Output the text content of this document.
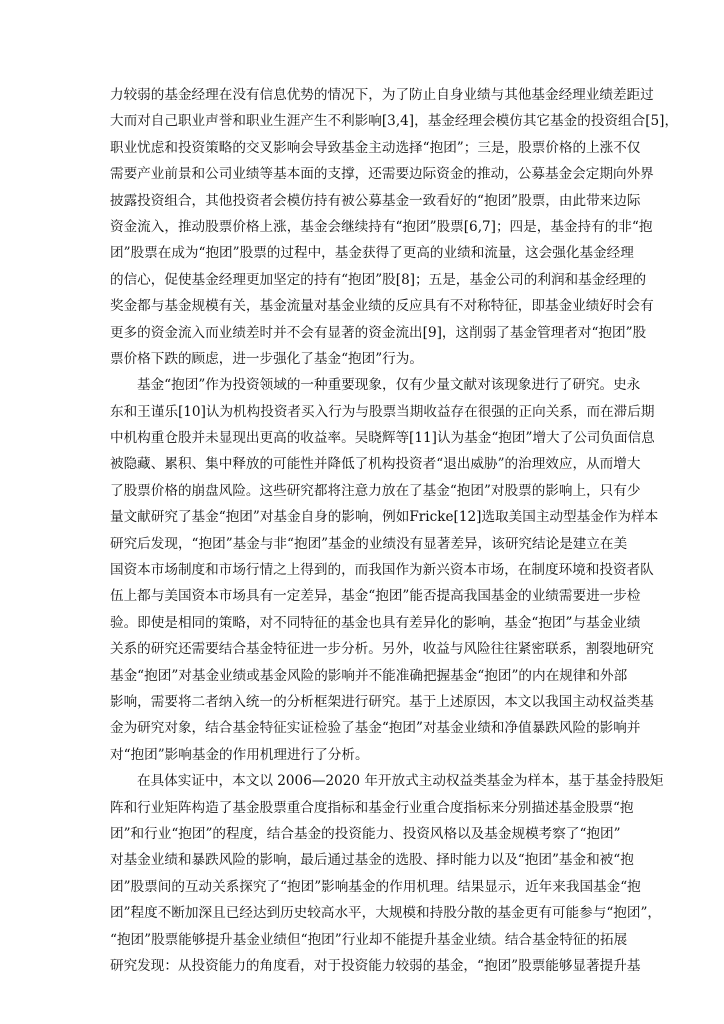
力较弱的基金经理在没有信息优势的情况下，为了防止自身业绩与其他基金经理业绩差距过
大而对自己职业声誉和职业生涯产生不利影响[3,4]，基金经理会模仿其它基金的投资组合[5]，
职业忧虑和投资策略的交叉影响会导致基金主动选择“抱团”；三是，股票价格的上涨不仅
需要产业前景和公司业绩等基本面的支撑，还需要边际资金的推动，公募基金会定期向外界
披露投资组合，其他投资者会模仿持有被公募基金一致看好的“抱团”股票，由此带来边际
资金流入，推动股票价格上涨，基金会继续持有“抱团”股票[6,7]；四是，基金持有的非“抱
团”股票在成为“抱团”股票的过程中，基金获得了更高的业绩和流量，这会强化基金经理
的信心，促使基金经理更加坚定的持有“抱团”股[8]；五是，基金公司的利润和基金经理的
奖金都与基金规模有关，基金流量对基金业绩的反应具有不对称特征，即基金业绩好时会有
更多的资金流入而业绩差时并不会有显著的资金流出[9]，这削弱了基金管理者对“抱团”股
票价格下跌的顾虑，进一步强化了基金“抱团”行为。
基金“抱团”作为投资领域的一种重要现象，仅有少量文献对该现象进行了研究。史永
东和王谨乐[10]认为机构投资者买入行为与股票当期收益存在很强的正向关系，而在滞后期
中机构重仓股并未显现出更高的收益率。吴晓辉等[11]认为基金“抱团”增大了公司负面信息
被隐藏、累积、集中释放的可能性并降低了机构投资者“退出威胁”的治理效应，从而增大
了股票价格的崩盘风险。这些研究都将注意力放在了基金“抱团”对股票的影响上，只有少
量文献研究了基金“抱团”对基金自身的影响，例如Fricke[12]选取美国主动型基金作为样本
研究后发现，“抱团”基金与非“抱团”基金的业绩没有显著差异，该研究结论是建立在美
国资本市场制度和市场行情之上得到的，而我国作为新兴资本市场，在制度环境和投资者队
伍上都与美国资本市场具有一定差异，基金“抱团”能否提高我国基金的业绩需要进一步检
验。即使是相同的策略，对不同特征的基金也具有差异化的影响，基金“抱团”与基金业绩
关系的研究还需要结合基金特征进一步分析。另外，收益与风险往往紧密联系，割裂地研究
基金“抱团”对基金业绩或基金风险的影响并不能准确把握基金“抱团”的内在规律和外部
影响，需要将二者纳入统一的分析框架进行研究。基于上述原因，本文以我国主动权益类基
金为研究对象，结合基金特征实证检验了基金“抱团”对基金业绩和净值暴跌风险的影响并
对“抱团”影响基金的作用机理进行了分析。
在具体实证中，本文以 2006—2020 年开放式主动权益类基金为样本，基于基金持股矩
阵和行业矩阵构造了基金股票重合度指标和基金行业重合度指标来分别描述基金股票“抱
团”和行业“抱团”的程度，结合基金的投资能力、投资风格以及基金规模考察了“抱团”
对基金业绩和暴跌风险的影响，最后通过基金的选股、择时能力以及“抱团”基金和被“抱
团”股票间的互动关系探究了“抱团”影响基金的作用机理。结果显示，近年来我国基金“抱
团”程度不断加深且已经达到历史较高水平，大规模和持股分散的基金更有可能参与“抱团”，
“抱团”股票能够提升基金业绩但“抱团”行业却不能提升基金业绩。结合基金特征的拓展
研究发现：从投资能力的角度看，对于投资能力较弱的基金，“抱团”股票能够显著提升基
